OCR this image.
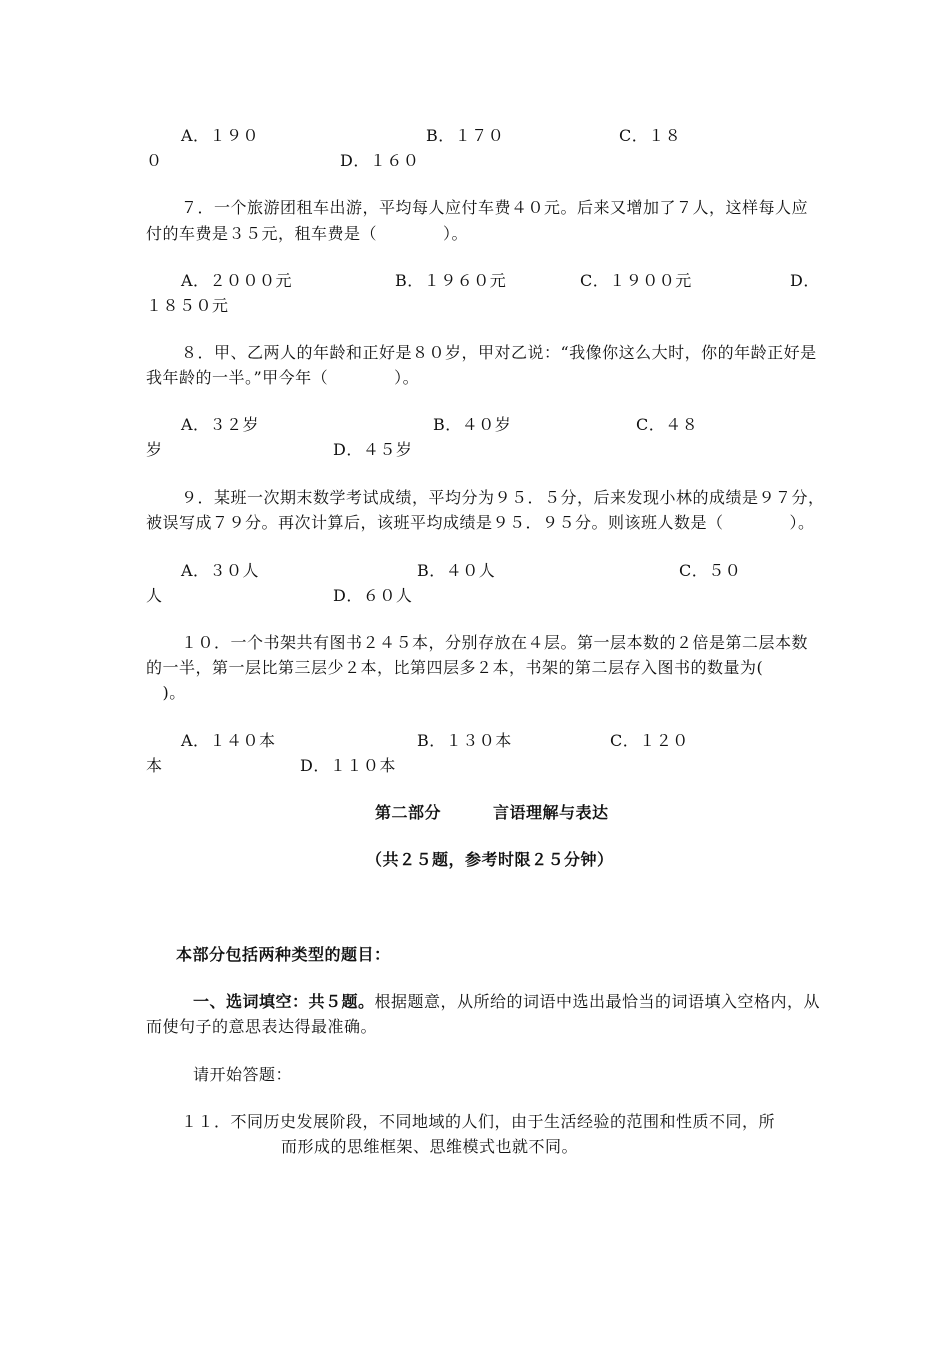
A．１９０	B．１７０	C．１８
０	D．１６０
７．一个旅游团租车出游，平均每人应付车费４０元。后来又增加了７人，这样每人应
付的车费是３５元，租车费是（　　　　）。
A．２０００元	B．１９６０元	C．１９００元	D．
１８５０元
８．甲、乙两人的年龄和正好是８０岁，甲对乙说：“我像你这么大时，你的年龄正好是
我年龄的一半。”甲今年（　　　　）。
A．３２岁	B．４０岁	C．４８
岁	D．４５岁
９．某班一次期末数学考试成绩，平均分为９５．５分，后来发现小林的成绩是９７分，
被误写成７９分。再次计算后，该班平均成绩是９５．９５分。则该班人数是（　　　　）。
A．３０人	B．４０人	C．５０
人	D．６０人
１０．一个书架共有图书２４５本，分别存放在４层。第一层本数的２倍是第二层本数
的一半，第一层比第三层少２本，比第四层多２本，书架的第二层存入图书的数量为(
　)。
A．１４０本	B．１３０本	C．１２０
本	D．１１０本
第二部分	言语理解与表达
（共２５题，参考时限２５分钟）
本部分包括两种类型的题目：
一、选词填空：共５题。根据题意，从所给的词语中选出最恰当的词语填入空格内，从
而使句子的意思表达得最准确。
请开始答题：
１１．不同历史发展阶段，不同地域的人们，由于生活经验的范围和性质不同，所
而形成的思维框架、思维模式也就不同。
